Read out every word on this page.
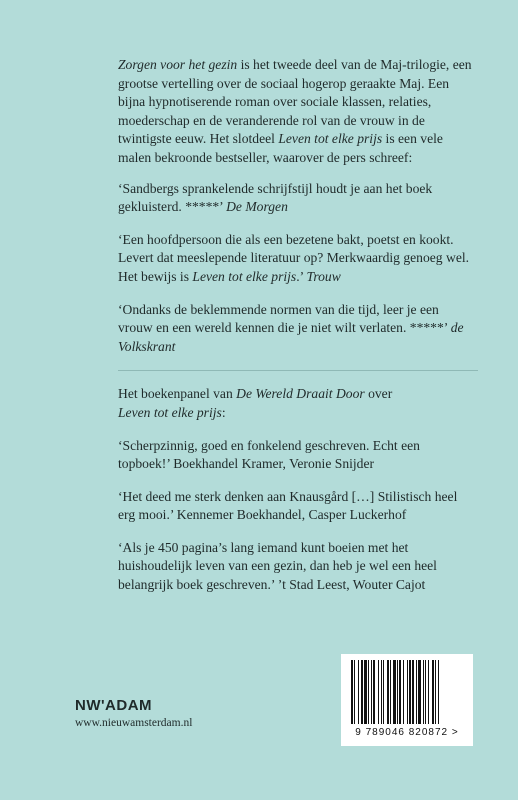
Zorgen voor het gezin is het tweede deel van de Maj-trilogie, een grootse vertelling over de sociaal hogerop geraakte Maj. Een bijna hypnotiserende roman over sociale klassen, relaties, moederschap en de veranderende rol van de vrouw in de twintigste eeuw. Het slotdeel Leven tot elke prijs is een vele malen bekroonde bestseller, waarover de pers schreef:

‘Sandbergs sprankelende schrijfstijl houdt je aan het boek gekluisterd. *****’ De Morgen

‘Een hoofdpersoon die als een bezetene bakt, poetst en kookt. Levert dat meeslepende literatuur op? Merkwaardig genoeg wel. Het bewijs is Leven tot elke prijs.’ Trouw

‘Ondanks de beklemmende normen van die tijd, leer je een vrouw en een wereld kennen die je niet wilt verlaten. *****’ de Volkskrant

Het boekenpanel van De Wereld Draait Door over
Leven tot elke prijs:

‘Scherpzinnig, goed en fonkelend geschreven. Echt een topboek!’ Boekhandel Kramer, Veronie Snijder

‘Het deed me sterk denken aan Knausgård […] Stilistisch heel erg mooi.’ Kennemer Boekhandel, Casper Luckerhof

‘Als je 450 pagina’s lang iemand kunt boeien met het huishoudelijk leven van een gezin, dan heb je wel een heel belangrijk boek geschreven.’ ’t Stad Leest, Wouter Cajot

NW'ADAM
www.nieuwamsterdam.nl
9 789046 820872 >
